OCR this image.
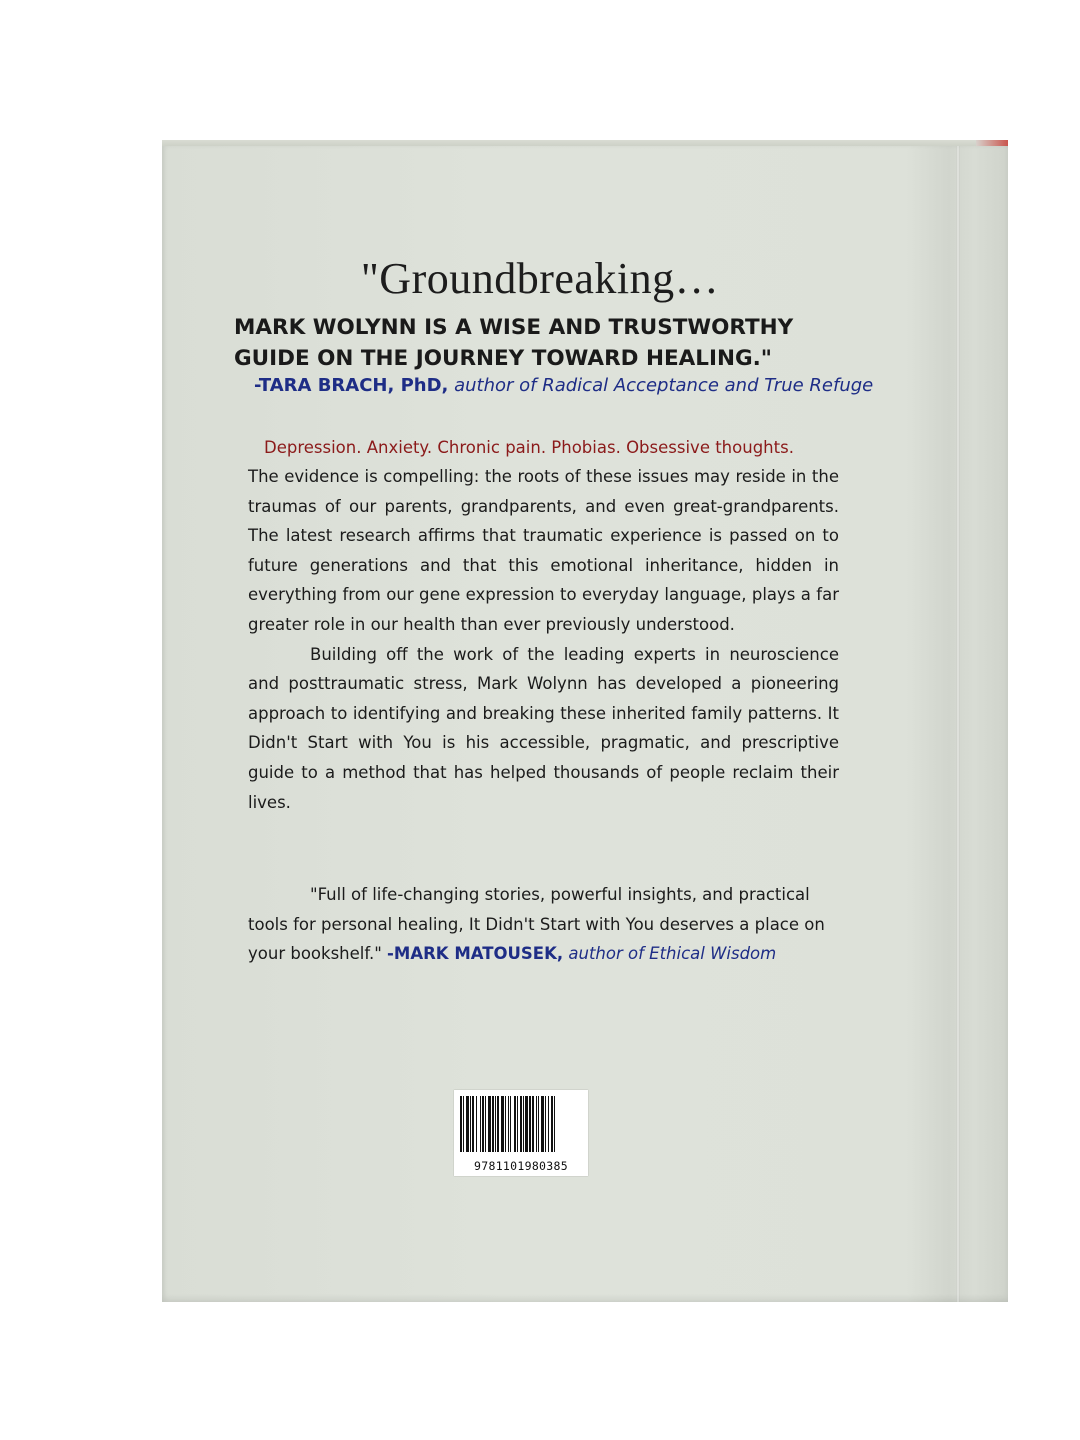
"Groundbreaking…

MARK WOLYNN IS A WISE AND TRUSTWORTHY GUIDE ON THE JOURNEY TOWARD HEALING."

-TARA BRACH, PhD, author of Radical Acceptance and True Refuge

Depression. Anxiety. Chronic pain. Phobias. Obsessive thoughts.

The evidence is compelling: the roots of these issues may reside in the traumas of our parents, grandparents, and even great-grandparents. The latest research affirms that traumatic experience is passed on to future generations and that this emotional inheritance, hidden in everything from our gene expression to everyday language, plays a far greater role in our health than ever previously understood.

Building off the work of the leading experts in neuroscience and posttraumatic stress, Mark Wolynn has developed a pioneering approach to identifying and breaking these inherited family patterns. It Didn't Start with You is his accessible, pragmatic, and prescriptive guide to a method that has helped thousands of people reclaim their lives.

"Full of life-changing stories, powerful insights, and practical tools for personal healing, It Didn't Start with You deserves a place on your bookshelf." -MARK MATOUSEK, author of Ethical Wisdom

9781101980385
